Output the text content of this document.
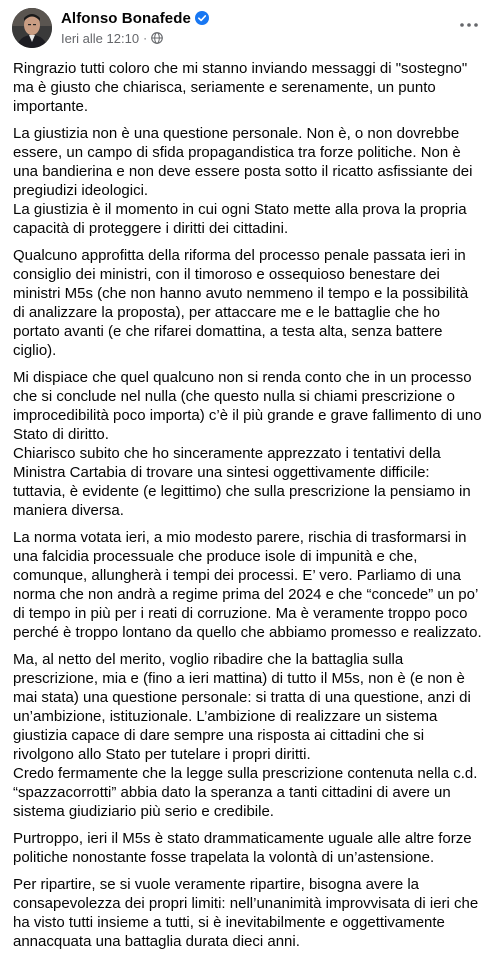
Alfonso Bonafede
Ieri alle 12:10 ·

Ringrazio tutti coloro che mi stanno inviando messaggi di "sostegno" ma è giusto che chiarisca, seriamente e serenamente, un punto importante.

La giustizia non è una questione personale. Non è, o non dovrebbe essere, un campo di sfida propagandistica tra forze politiche. Non è una bandierina e non deve essere posta sotto il ricatto asfissiante dei pregiudizi ideologici.
La giustizia è il momento in cui ogni Stato mette alla prova la propria capacità di proteggere i diritti dei cittadini.

Qualcuno approfitta della riforma del processo penale passata ieri in consiglio dei ministri, con il timoroso e ossequioso benestare dei ministri M5s (che non hanno avuto nemmeno il tempo e la possibilità di analizzare la proposta), per attaccare me e le battaglie che ho portato avanti (e che rifarei domattina, a testa alta, senza battere ciglio).

Mi dispiace che quel qualcuno non si renda conto che in un processo che si conclude nel nulla (che questo nulla si chiami prescrizione o improcedibilità poco importa) c’è il più grande e grave fallimento di uno Stato di diritto.
Chiarisco subito che ho sinceramente apprezzato i tentativi della Ministra Cartabia di trovare una sintesi oggettivamente difficile: tuttavia, è evidente (e legittimo) che sulla prescrizione la pensiamo in maniera diversa.

La norma votata ieri, a mio modesto parere, rischia di trasformarsi in una falcidia processuale che produce isole di impunità e che, comunque, allungherà i tempi dei processi. E’ vero. Parliamo di una norma che non andrà a regime prima del 2024 e che “concede” un po’ di tempo in più per i reati di corruzione. Ma è veramente troppo poco perché è troppo lontano da quello che abbiamo promesso e realizzato.

Ma, al netto del merito, voglio ribadire che la battaglia sulla prescrizione, mia e (fino a ieri mattina) di tutto il M5s, non è (e non è mai stata) una questione personale: si tratta di una questione, anzi di un’ambizione, istituzionale. L’ambizione di realizzare un sistema giustizia capace di dare sempre una risposta ai cittadini che si rivolgono allo Stato per tutelare i propri diritti.
Credo fermamente che la legge sulla prescrizione contenuta nella c.d. “spazzacorrotti” abbia dato la speranza a tanti cittadini di avere un sistema giudiziario più serio e credibile.

Purtroppo, ieri il M5s è stato drammaticamente uguale alle altre forze politiche nonostante fosse trapelata la volontà di un’astensione.

Per ripartire, se si vuole veramente ripartire, bisogna avere la consapevolezza dei propri limiti: nell’unanimità improvvisata di ieri che ha visto tutti insieme a tutti, si è inevitabilmente e oggettivamente annacquata una battaglia durata dieci anni.
